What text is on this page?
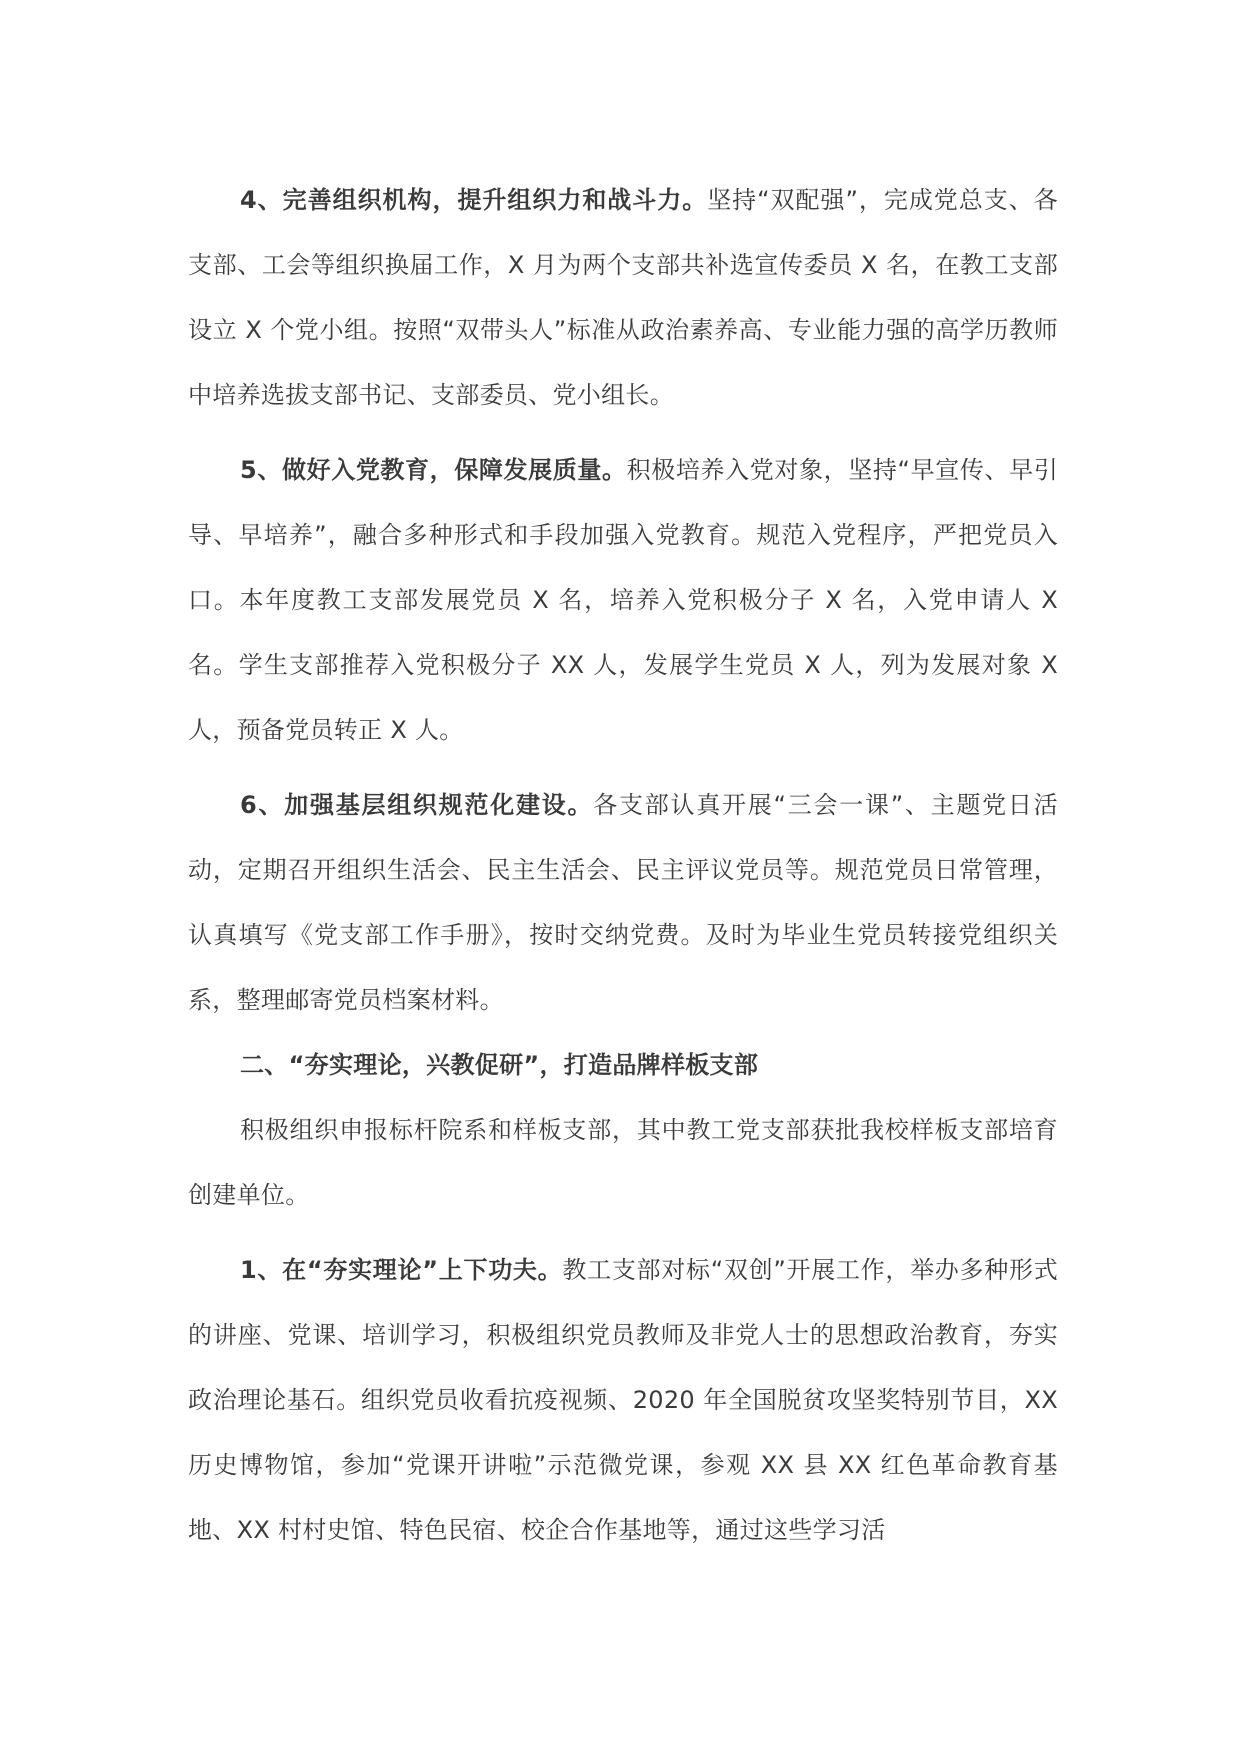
4、完善组织机构，提升组织力和战斗力。坚持“双配强”，完成党总支、各支部、工会等组织换届工作，X 月为两个支部共补选宣传委员 X 名，在教工支部设立 X 个党小组。按照“双带头人”标准从政治素养高、专业能力强的高学历教师中培养选拔支部书记、支部委员、党小组长。

5、做好入党教育，保障发展质量。积极培养入党对象，坚持“早宣传、早引导、早培养”，融合多种形式和手段加强入党教育。规范入党程序，严把党员入口。本年度教工支部发展党员 X 名，培养入党积极分子 X 名，入党申请人 X 名。学生支部推荐入党积极分子 XX 人，发展学生党员 X 人，列为发展对象 X 人，预备党员转正 X 人。

6、加强基层组织规范化建设。各支部认真开展“三会一课”、主题党日活动，定期召开组织生活会、民主生活会、民主评议党员等。规范党员日常管理，认真填写《党支部工作手册》，按时交纳党费。及时为毕业生党员转接党组织关系，整理邮寄党员档案材料。

二、“夯实理论，兴教促研”，打造品牌样板支部

积极组织申报标杆院系和样板支部，其中教工党支部获批我校样板支部培育创建单位。

1、在“夯实理论”上下功夫。教工支部对标“双创”开展工作，举办多种形式的讲座、党课、培训学习，积极组织党员教师及非党人士的思想政治教育，夯实政治理论基石。组织党员收看抗疫视频、2020 年全国脱贫攻坚奖特别节目，XX 历史博物馆，参加“党课开讲啦”示范微党课，参观 XX 县 XX 红色革命教育基地、XX 村村史馆、特色民宿、校企合作基地等，通过这些学习活
